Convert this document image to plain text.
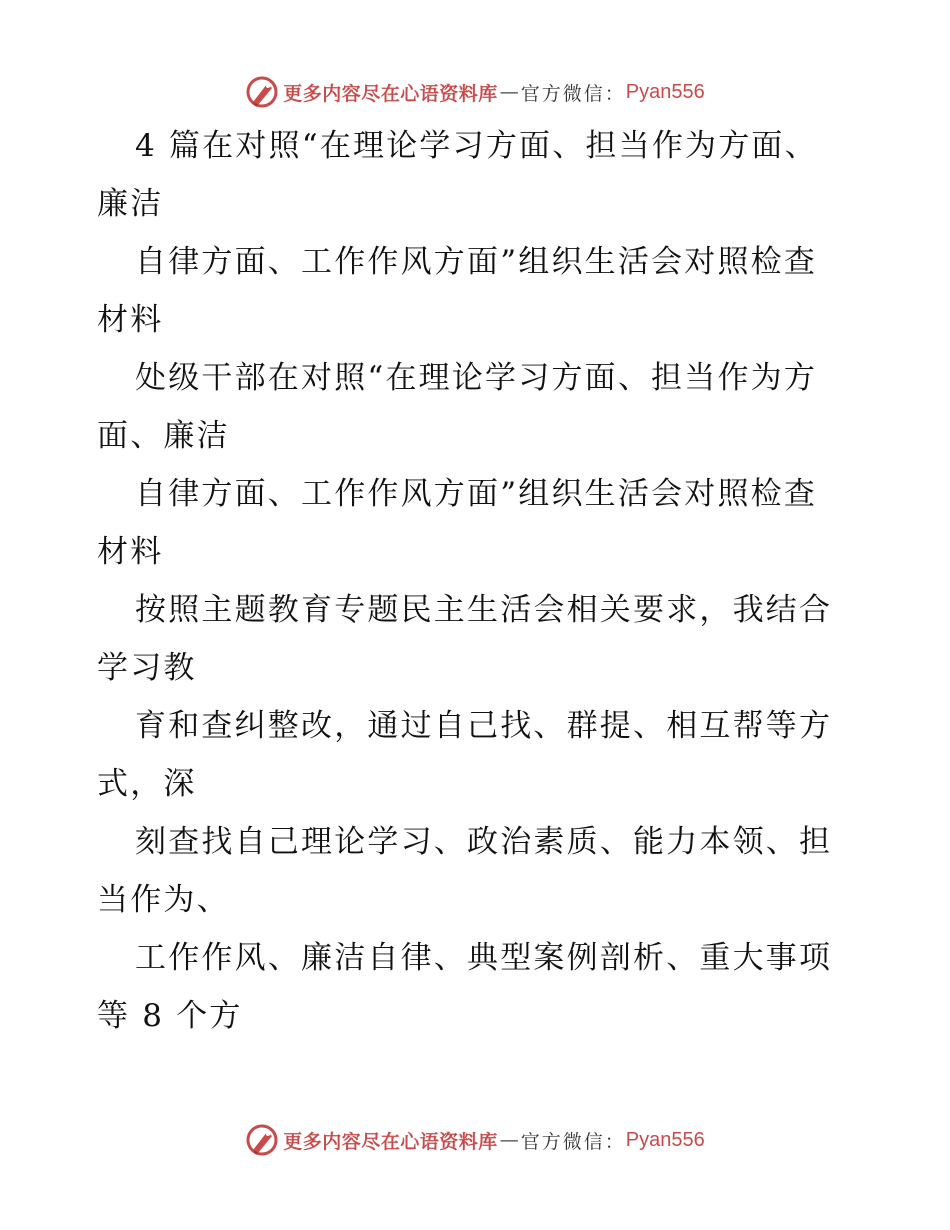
更多内容尽在心语资料库 — 官方微信： Pyan556
4 篇在对照“在理论学习方面、担当作为方面、
廉洁
自律方面、工作作风方面”组织生活会对照检查
材料
处级干部在对照“在理论学习方面、担当作为方
面、廉洁
自律方面、工作作风方面”组织生活会对照检查
材料
按照主题教育专题民主生活会相关要求，我结合
学习教
育和查纠整改，通过自己找、群提、相互帮等方
式，深
刻查找自己理论学习、政治素质、能力本领、担
当作为、
工作作风、廉洁自律、典型案例剖析、重大事项
等 8 个方
更多内容尽在心语资料库 — 官方微信： Pyan556
